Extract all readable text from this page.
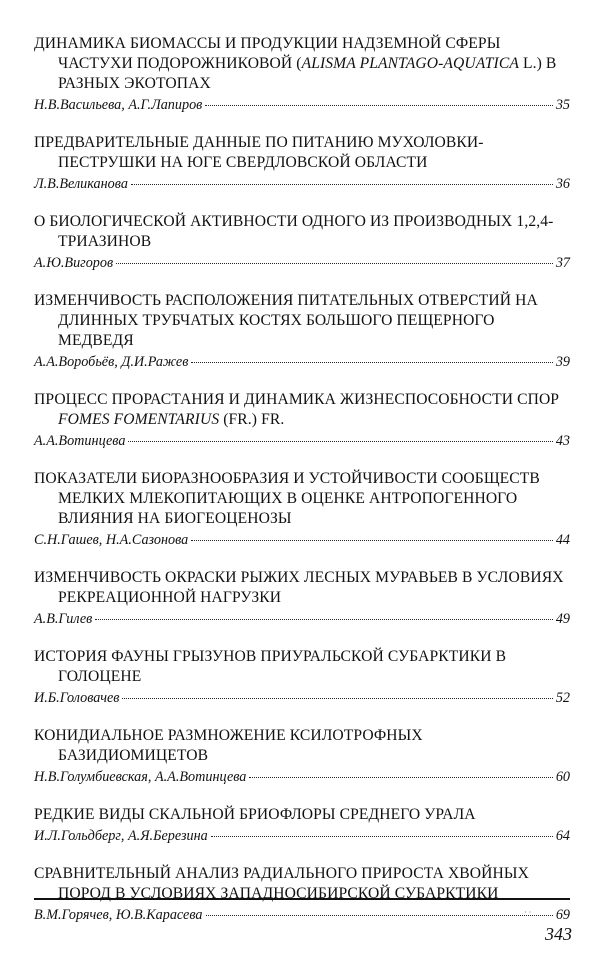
ДИНАМИКА БИОМАССЫ И ПРОДУКЦИИ НАДЗЕМНОЙ СФЕРЫ ЧАСТУХИ ПОДОРОЖНИКОВОЙ (ALISMA PLANTAGO-AQUATICA L.) В РАЗНЫХ ЭКОТОПАХ

Н.В.Васильева, А.Г.Лапиров	35

ПРЕДВАРИТЕЛЬНЫЕ ДАННЫЕ ПО ПИТАНИЮ МУХОЛОВКИ-ПЕСТРУШКИ НА ЮГЕ СВЕРДЛОВСКОЙ ОБЛАСТИ

Л.В.Великанова	36

О БИОЛОГИЧЕСКОЙ АКТИВНОСТИ ОДНОГО ИЗ ПРОИЗВОДНЫХ 1,2,4-ТРИАЗИНОВ

А.Ю.Вигоров	37

ИЗМЕНЧИВОСТЬ РАСПОЛОЖЕНИЯ ПИТАТЕЛЬНЫХ ОТВЕРСТИЙ НА ДЛИННЫХ ТРУБЧАТЫХ КОСТЯХ БОЛЬШОГО ПЕЩЕРНОГО МЕДВЕДЯ

А.А.Воробьёв, Д.И.Ражев	39

ПРОЦЕСС ПРОРАСТАНИЯ И ДИНАМИКА ЖИЗНЕСПОСОБНОСТИ СПОР FOMES FOMENTARIUS (FR.) FR.

А.А.Вотинцева	43

ПОКАЗАТЕЛИ БИОРАЗНООБРАЗИЯ И УСТОЙЧИВОСТИ СООБЩЕСТВ МЕЛКИХ МЛЕКОПИТАЮЩИХ В ОЦЕНКЕ АНТРОПОГЕННОГО ВЛИЯНИЯ НА БИОГЕОЦЕНОЗЫ

С.Н.Гашев, Н.А.Сазонова	44

ИЗМЕНЧИВОСТЬ ОКРАСКИ РЫЖИХ ЛЕСНЫХ МУРАВЬЕВ В УСЛОВИЯХ РЕКРЕАЦИОННОЙ НАГРУЗКИ

А.В.Гилев	49

ИСТОРИЯ ФАУНЫ ГРЫЗУНОВ ПРИУРАЛЬСКОЙ СУБАРКТИКИ В ГОЛОЦЕНЕ

И.Б.Головачев	52

КОНИДИАЛЬНОЕ РАЗМНОЖЕНИЕ КСИЛОТРОФНЫХ БАЗИДИОМИЦЕТОВ

Н.В.Голумбиевская, А.А.Вотинцева	60

РЕДКИЕ ВИДЫ СКАЛЬНОЙ БРИОФЛОРЫ СРЕДНЕГО УРАЛА

И.Л.Гольдберг, А.Я.Березина	64

СРАВНИТЕЛЬНЫЙ АНАЛИЗ РАДИАЛЬНОГО ПРИРОСТА ХВОЙНЫХ ПОРОД В УСЛОВИЯХ ЗАПАДНОСИБИРСКОЙ СУБАРКТИКИ

В.М.Горячев, Ю.В.Карасева	69
· ·
343
